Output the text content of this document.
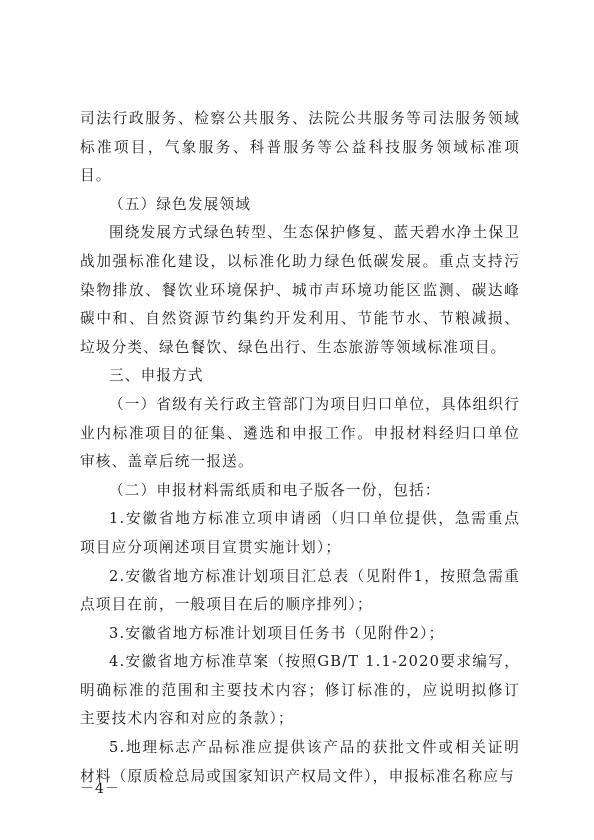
司法行政服务、检察公共服务、法院公共服务等司法服务领域标准项目，气象服务、科普服务等公益科技服务领域标准项目。

（五）绿色发展领域

围绕发展方式绿色转型、生态保护修复、蓝天碧水净土保卫战加强标准化建设，以标准化助力绿色低碳发展。重点支持污染物排放、餐饮业环境保护、城市声环境功能区监测、碳达峰碳中和、自然资源节约集约开发利用、节能节水、节粮减损、垃圾分类、绿色餐饮、绿色出行、生态旅游等领域标准项目。

三、申报方式

（一）省级有关行政主管部门为项目归口单位，具体组织行业内标准项目的征集、遴选和申报工作。申报材料经归口单位审核、盖章后统一报送。

（二）申报材料需纸质和电子版各一份，包括：

1.安徽省地方标准立项申请函（归口单位提供，急需重点项目应分项阐述项目宣贯实施计划）；

2.安徽省地方标准计划项目汇总表（见附件1，按照急需重点项目在前，一般项目在后的顺序排列）；

3.安徽省地方标准计划项目任务书（见附件2）；

4.安徽省地方标准草案（按照GB/T 1.1-2020要求编写，明确标准的范围和主要技术内容；修订标准的，应说明拟修订主要技术内容和对应的条款）；

5.地理标志产品标准应提供该产品的获批文件或相关证明材料（原质检总局或国家知识产权局文件），申报标准名称应与

－4－
